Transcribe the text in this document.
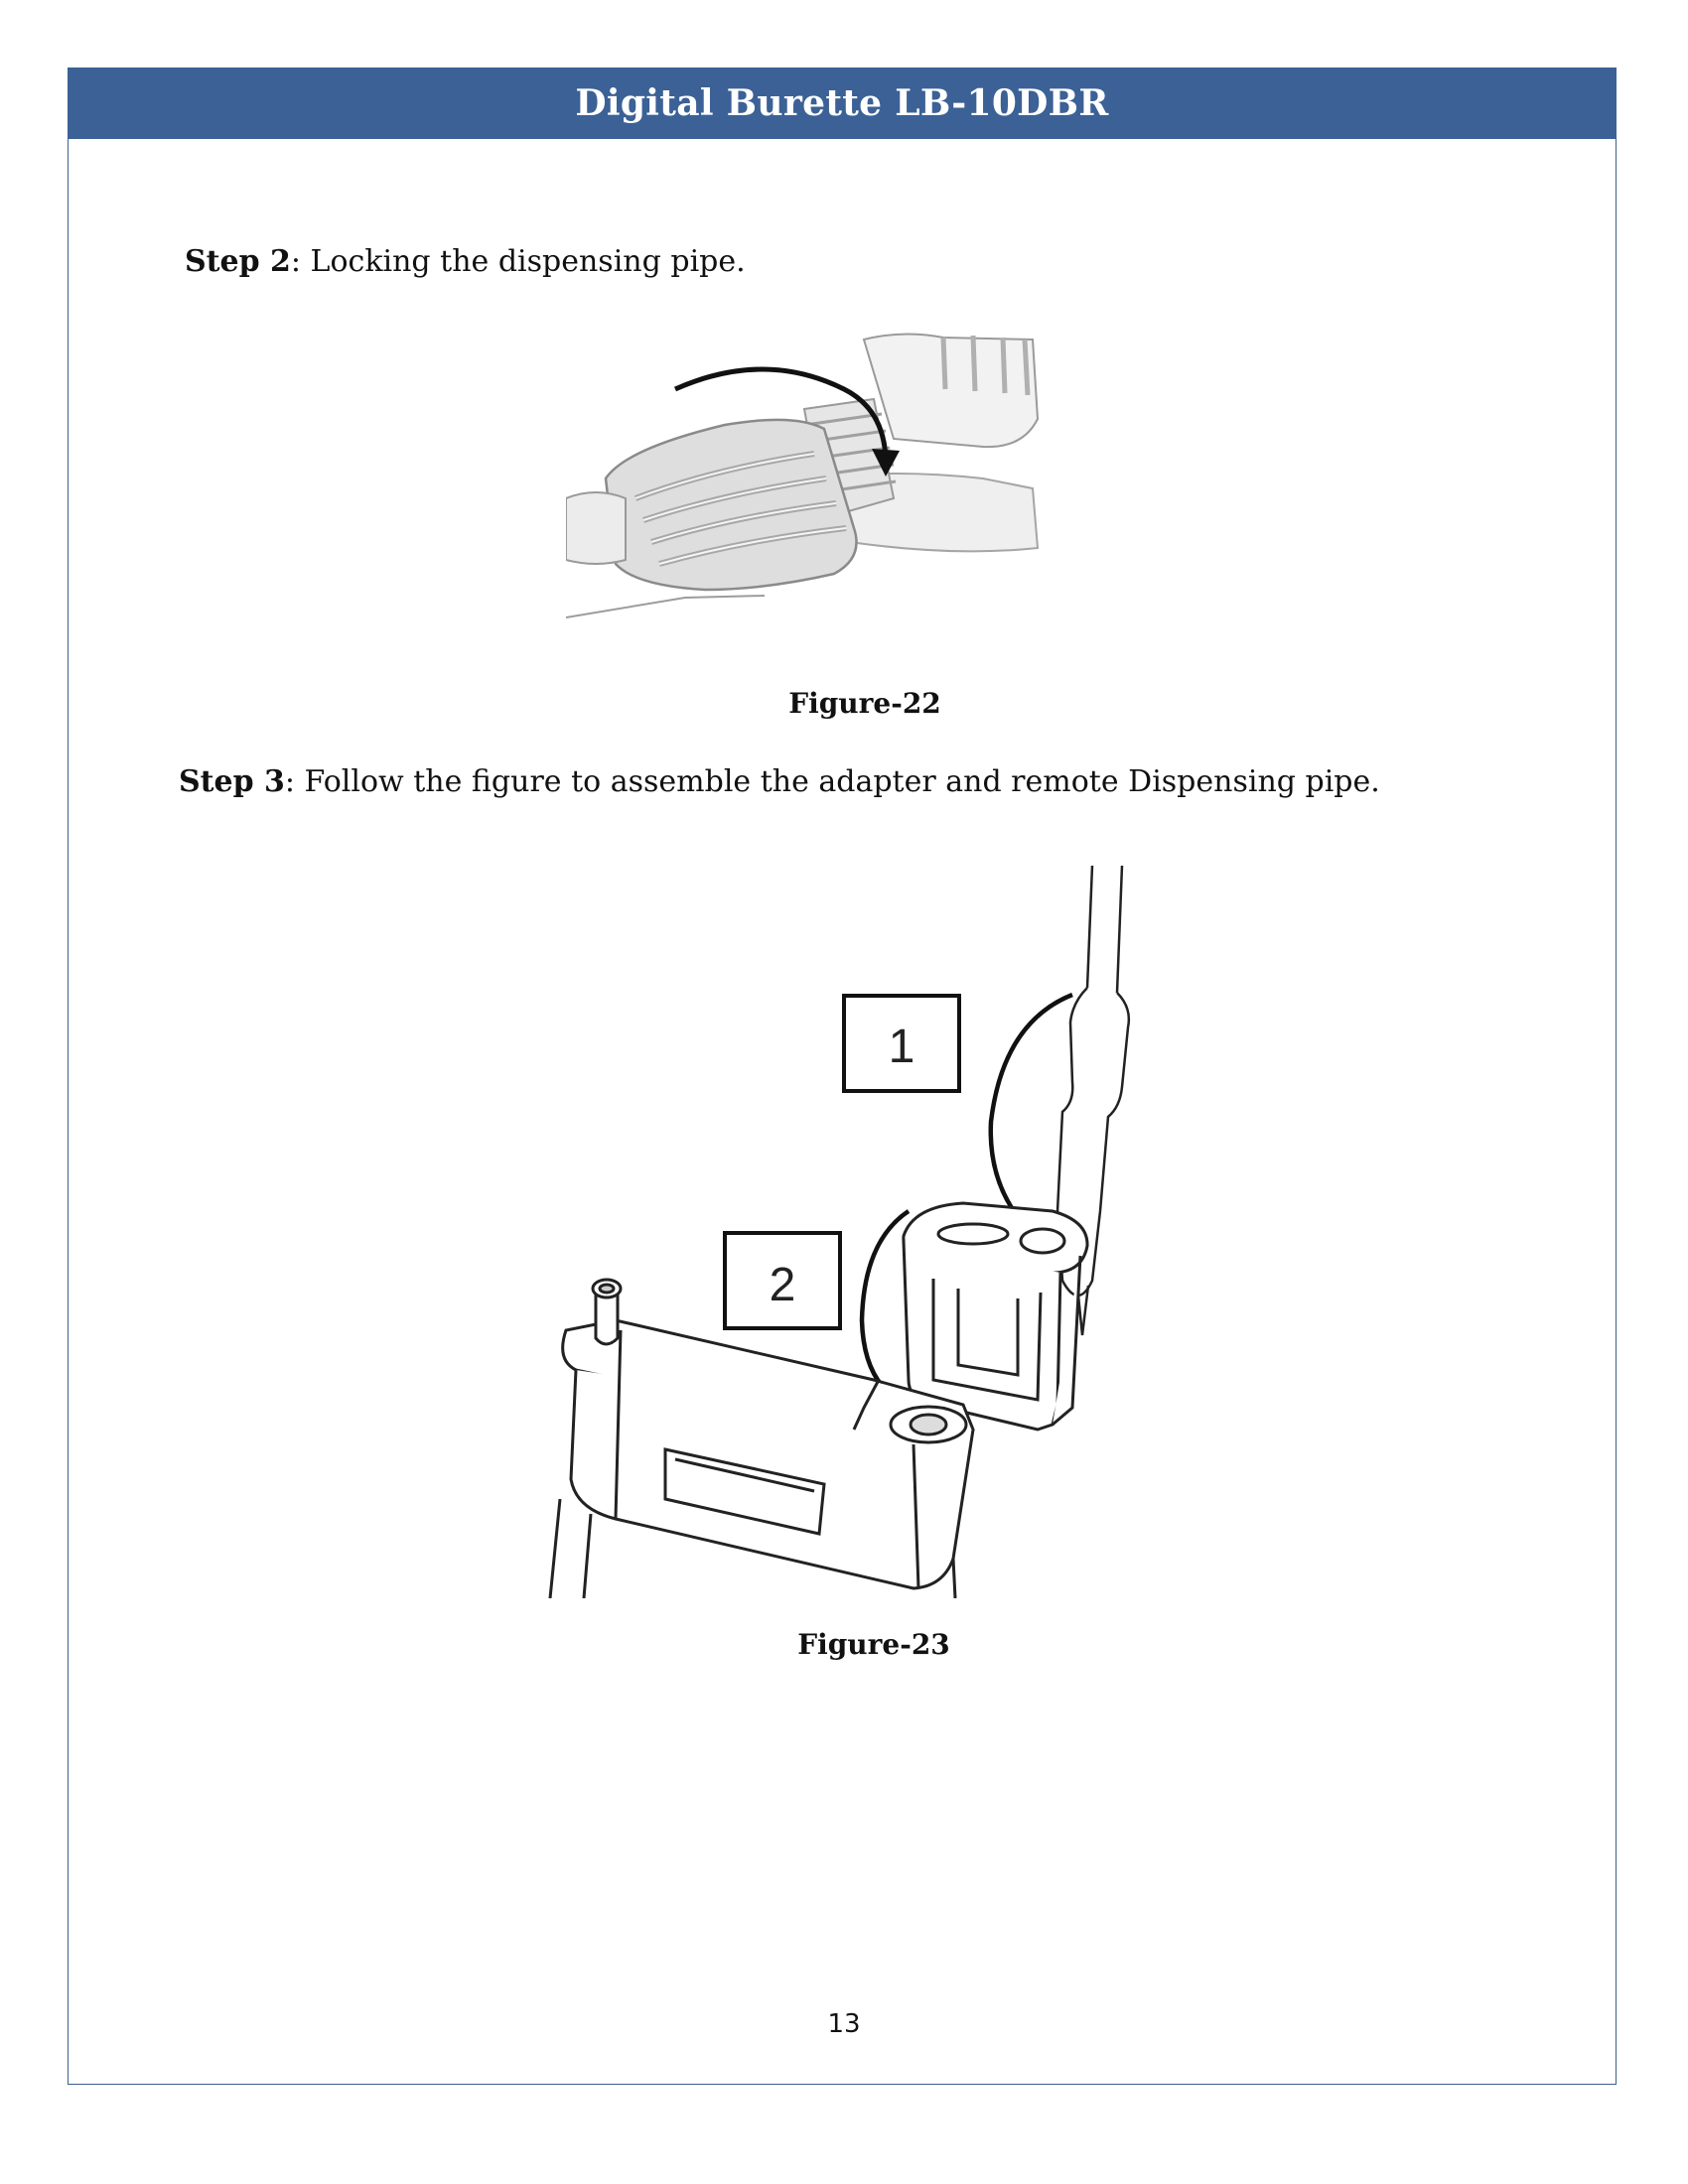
Digital Burette LB-10DBR
Step 2: Locking the dispensing pipe.
Figure-22
Step 3: Follow the figure to assemble the adapter and remote Dispensing pipe.
1
2
Figure-23
13
